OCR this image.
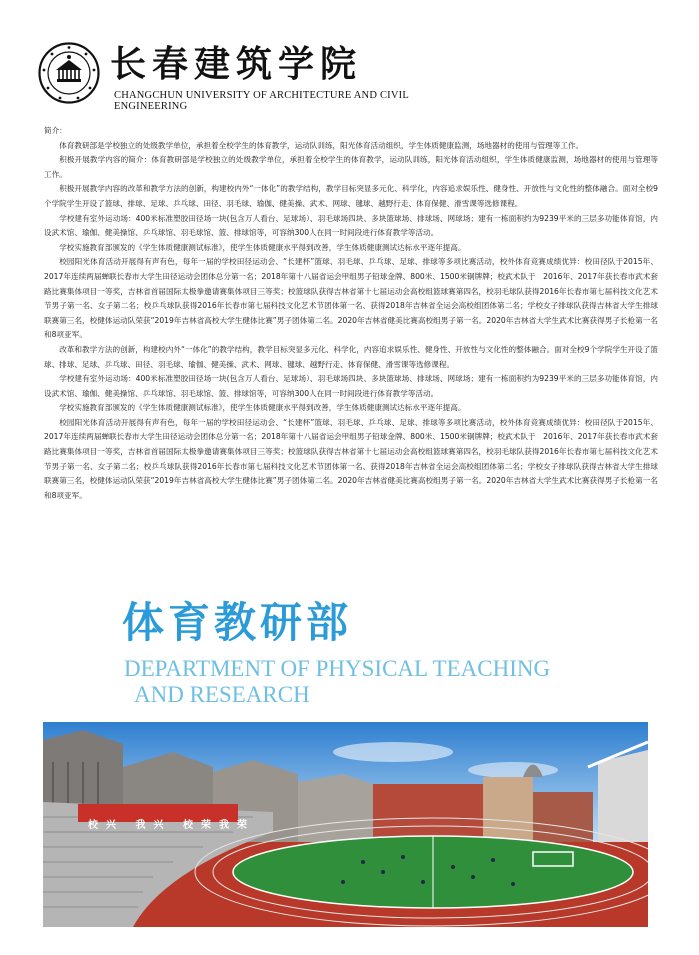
长春建筑学院
CHANGCHUN UNIVERSITY OF ARCHITECTURE AND CIVIL ENGINEERING

简介：

体育教研部是学校独立的处级教学单位，承担着全校学生的体育教学，运动队训练，阳光体育活动组织，学生体质健康监测，场地器材的使用与管理等工作。

积极开展教学内容的简介：体育教研部是学校独立的处级教学单位，承担着全校学生的体育教学，运动队训练，阳光体育活动组织，学生体质健康监测，场地器材的使用与管理等工作。

积极开展教学内容的改革和教学方法的创新，构建校内外“一体化”的教学结构，教学目标突显多元化、科学化，内容追求娱乐性、健身性、开放性与文化性的整体融合。面对全校9个学院学生开设了篮球、排球、足球、乒乓球、田径、羽毛球、瑜伽、健美操、武术、网球、毽球、越野行走、体育保健、滑雪课等选修课程。

学校建有室外运动场：400米标准塑胶田径场一块(包含万人看台、足球场）、羽毛球场四块、多块篮球场、排球场、网球场；建有一栋面积约为9239平米的三层多功能体育馆，内设武术馆、瑜伽、健美操馆、乒乓球馆、羽毛球馆、篮、排球馆等，可容纳300人在同一时间段进行体育教学等活动。

学校实施教育部颁发的《学生体质健康测试标准》，使学生体质健康水平得到改善，学生体质健康测试达标水平逐年提高。

校园阳光体育活动开展得有声有色，每年一届的学校田径运动会、“长建杯”篮球、羽毛球、乒乓球、足球、排球等多项比赛活动，校外体育竞赛成绩优异：校田径队于2015年、2017年连续两届蝉联长春市大学生田径运动会团体总分第一名；2018年第十八届省运会甲组男子铅球金牌、800米、1500米铜牌牌；校武术队于　2016年、2017年获长春市武术套路比赛集体项目一等奖，吉林省首届国际太极拳邀请赛集体项目三等奖；校篮球队获得吉林省第十七届运动会高校组篮球赛第四名，校羽毛球队获得2016年长春市第七届科技文化艺术节男子第一名、女子第二名；校乒乓球队获得2016年长春市第七届科技文化艺术节团体第一名、获得2018年吉林省全运会高校组团体第二名；学校女子排球队获得吉林省大学生排球联赛第三名，校健体运动队荣获“2019年吉林省高校大学生健体比赛”男子团体第二名。2020年吉林省健美比赛高校组男子第一名。2020年吉林省大学生武术比赛获得男子长枪第一名和8项亚军。

改革和教学方法的创新，构建校内外“一体化”的教学结构，教学目标突显多元化、科学化，内容追求娱乐性、健身性、开放性与文化性的整体融合。面对全校9个学院学生开设了篮球、排球、足球、乒乓球、田径、羽毛球、瑜伽、健美操、武术、网球、毽球、越野行走、体育保健、滑雪课等选修课程。

学校建有室外运动场：400米标准塑胶田径场一块(包含万人看台、足球场）、羽毛球场四块、多块篮球场、排球场、网球场；建有一栋面积约为9239平米的三层多功能体育馆，内设武术馆、瑜伽、健美操馆、乒乓球馆、羽毛球馆、篮、排球馆等，可容纳300人在同一时间段进行体育教学等活动。

学校实施教育部颁发的《学生体质健康测试标准》，使学生体质健康水平得到改善，学生体质健康测试达标水平逐年提高。

校园阳光体育活动开展得有声有色，每年一届的学校田径运动会、“长建杯”篮球、羽毛球、乒乓球、足球、排球等多项比赛活动，校外体育竞赛成绩优异：校田径队于2015年、2017年连续两届蝉联长春市大学生田径运动会团体总分第一名；2018年第十八届省运会甲组男子铅球金牌、800米、1500米铜牌牌；校武术队于　2016年、2017年获长春市武术套路比赛集体项目一等奖，吉林省首届国际太极拳邀请赛集体项目三等奖；校篮球队获得吉林省第十七届运动会高校组篮球赛第四名，校羽毛球队获得2016年长春市第七届科技文化艺术节男子第一名、女子第二名；校乒乓球队获得2016年长春市第七届科技文化艺术节团体第一名、获得2018年吉林省全运会高校组团体第二名；学校女子排球队获得吉林省大学生排球联赛第三名，校健体运动队荣获“2019年吉林省高校大学生健体比赛”男子团体第二名。2020年吉林省健美比赛高校组男子第一名。2020年吉林省大学生武术比赛获得男子长枪第一名和8项亚军。

体育教研部
DEPARTMENT OF PHYSICAL TEACHING
AND RESEARCH
校兴 我兴 校荣我荣
